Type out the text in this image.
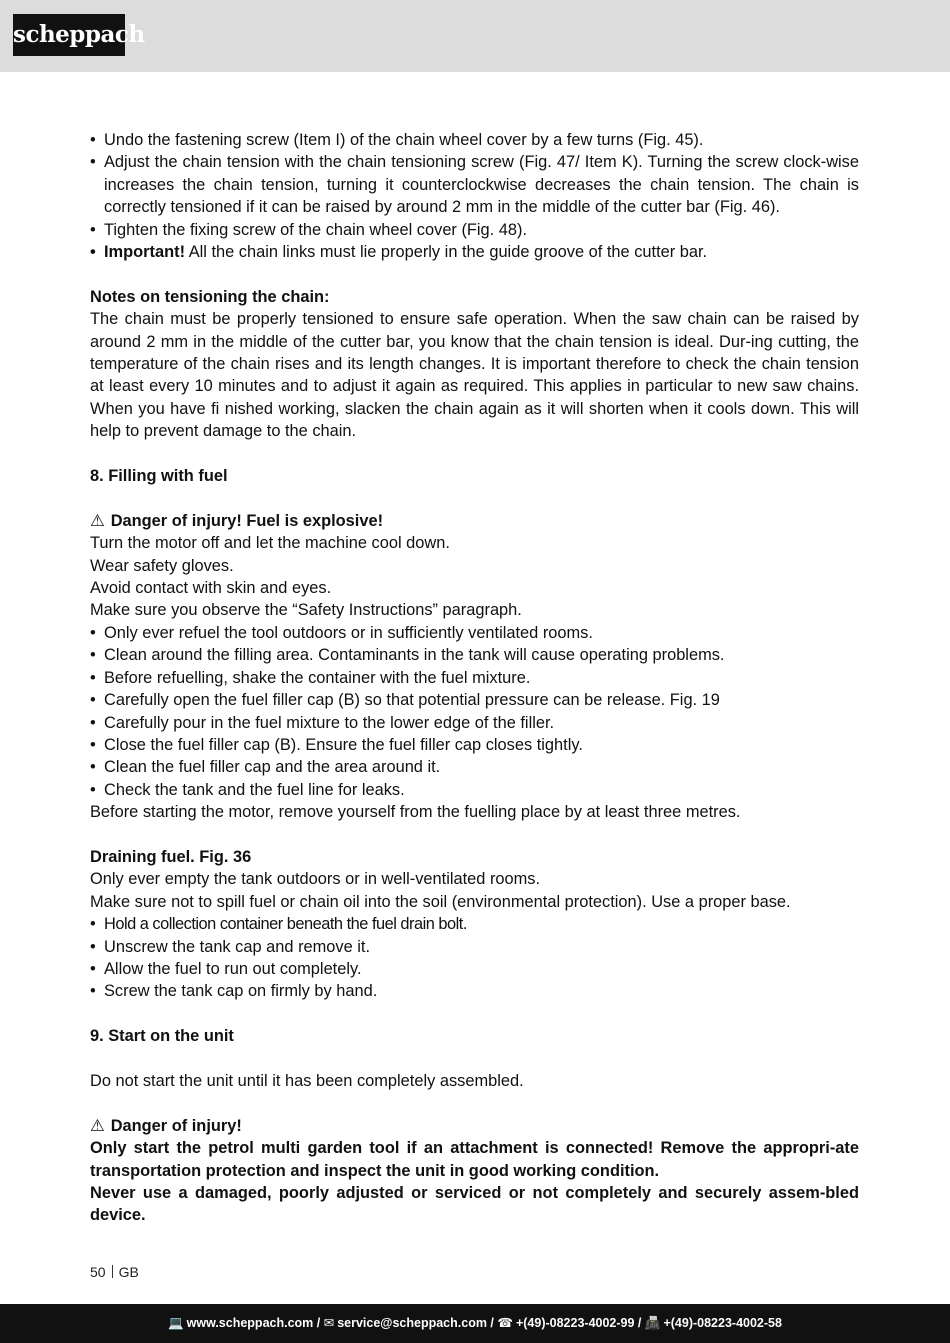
scheppach
• Undo the fastening screw (Item I) of the chain wheel cover by a few turns (Fig. 45).
• Adjust the chain tension with the chain tensioning screw (Fig. 47/ Item K). Turning the screw clock-wise increases the chain tension, turning it counterclockwise decreases the chain tension. The chain is correctly tensioned if it can be raised by around 2 mm in the middle of the cutter bar (Fig. 46).
• Tighten the fixing screw of the chain wheel cover (Fig. 48).
• Important! All the chain links must lie properly in the guide groove of the cutter bar.
Notes on tensioning the chain:
The chain must be properly tensioned to ensure safe operation. When the saw chain can be raised by around 2 mm in the middle of the cutter bar, you know that the chain tension is ideal. Dur-ing cutting, the temperature of the chain rises and its length changes. It is important therefore to check the chain tension at least every 10 minutes and to adjust it again as required. This applies in particular to new saw chains. When you have fi nished working, slacken the chain again as it will shorten when it cools down. This will help to prevent damage to the chain.
8. Filling with fuel
⚠ Danger of injury! Fuel is explosive!
Turn the motor off and let the machine cool down.
Wear safety gloves.
Avoid contact with skin and eyes.
Make sure you observe the “Safety Instructions” paragraph.
• Only ever refuel the tool outdoors or in sufficiently ventilated rooms.
• Clean around the filling area. Contaminants in the tank will cause operating problems.
• Before refuelling, shake the container with the fuel mixture.
• Carefully open the fuel filler cap (B) so that potential pressure can be release. Fig. 19
• Carefully pour in the fuel mixture to the lower edge of the filler.
• Close the fuel filler cap (B). Ensure the fuel filler cap closes tightly.
• Clean the fuel filler cap and the area around it.
• Check the tank and the fuel line for leaks.
Before starting the motor, remove yourself from the fuelling place by at least three metres.
Draining fuel. Fig. 36
Only ever empty the tank outdoors or in well-ventilated rooms.
Make sure not to spill fuel or chain oil into the soil (environmental protection). Use a proper base.
• Hold a collection container beneath the fuel drain bolt.
• Unscrew the tank cap and remove it.
• Allow the fuel to run out completely.
• Screw the tank cap on firmly by hand.
9. Start on the unit
Do not start the unit until it has been completely assembled.
⚠ Danger of injury!
Only start the petrol multi garden tool if an attachment is connected! Remove the appropri-ate transportation protection and inspect the unit in good working condition.
Never use a damaged, poorly adjusted or serviced or not completely and securely assem-bled device.
50 GB
💻 www.scheppach.com / ✉ service@scheppach.com / ☎ +(49)-08223-4002-99 / 📠 +(49)-08223-4002-58
